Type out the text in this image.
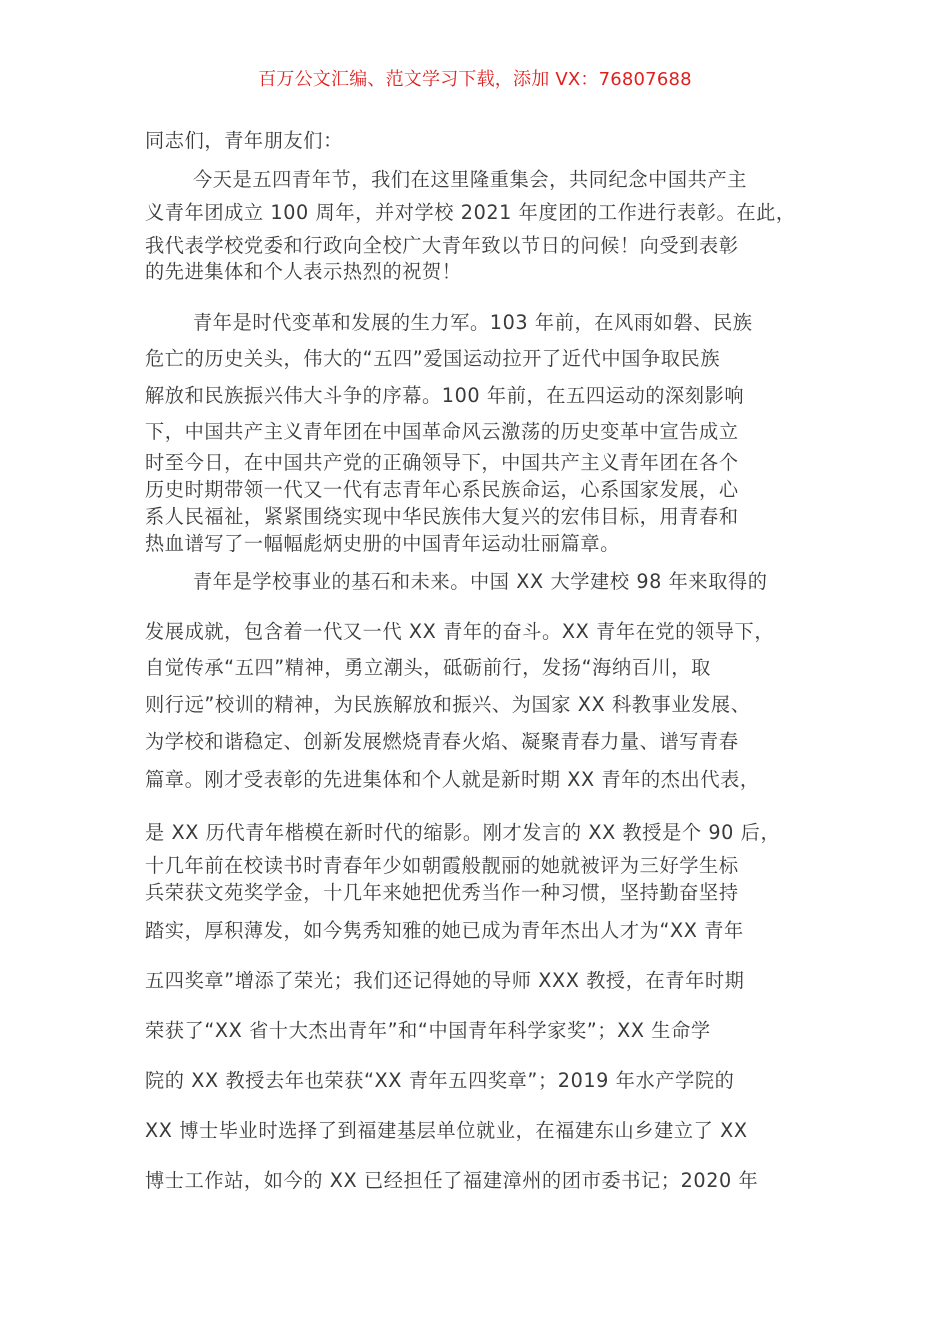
百万公文汇编、范文学习下载，添加 VX：76807688
同志们，青年朋友们：
今天是五四青年节，我们在这里隆重集会，共同纪念中国共产主
义青年团成立 100 周年，并对学校 2021 年度团的工作进行表彰。在此，
我代表学校党委和行政向全校广大青年致以节日的问候！向受到表彰
的先进集体和个人表示热烈的祝贺！
青年是时代变革和发展的生力军。103 年前，在风雨如磐、民族
危亡的历史关头，伟大的“五四”爱国运动拉开了近代中国争取民族
解放和民族振兴伟大斗争的序幕。100 年前，在五四运动的深刻影响
下，中国共产主义青年团在中国革命风云激荡的历史变革中宣告成立
时至今日，在中国共产党的正确领导下，中国共产主义青年团在各个
历史时期带领一代又一代有志青年心系民族命运，心系国家发展，心
系人民福祉，紧紧围绕实现中华民族伟大复兴的宏伟目标，用青春和
热血谱写了一幅幅彪炳史册的中国青年运动壮丽篇章。
青年是学校事业的基石和未来。中国 XX 大学建校 98 年来取得的
发展成就，包含着一代又一代 XX 青年的奋斗。XX 青年在党的领导下，
自觉传承“五四”精神，勇立潮头，砥砺前行，发扬“海纳百川，取
则行远”校训的精神，为民族解放和振兴、为国家 XX 科教事业发展、
为学校和谐稳定、创新发展燃烧青春火焰、凝聚青春力量、谱写青春
篇章。刚才受表彰的先进集体和个人就是新时期 XX 青年的杰出代表，
是 XX 历代青年楷模在新时代的缩影。刚才发言的 XX 教授是个 90 后，
十几年前在校读书时青春年少如朝霞般靓丽的她就被评为三好学生标
兵荣获文苑奖学金，十几年来她把优秀当作一种习惯，坚持勤奋坚持
踏实，厚积薄发，如今隽秀知雅的她已成为青年杰出人才为“XX 青年
五四奖章”增添了荣光；我们还记得她的导师 XXX 教授，在青年时期
荣获了“XX 省十大杰出青年”和“中国青年科学家奖”；XX 生命学
院的 XX 教授去年也荣获“XX 青年五四奖章”；2019 年水产学院的
XX 博士毕业时选择了到福建基层单位就业，在福建东山乡建立了 XX
博士工作站，如今的 XX 已经担任了福建漳州的团市委书记；2020 年
